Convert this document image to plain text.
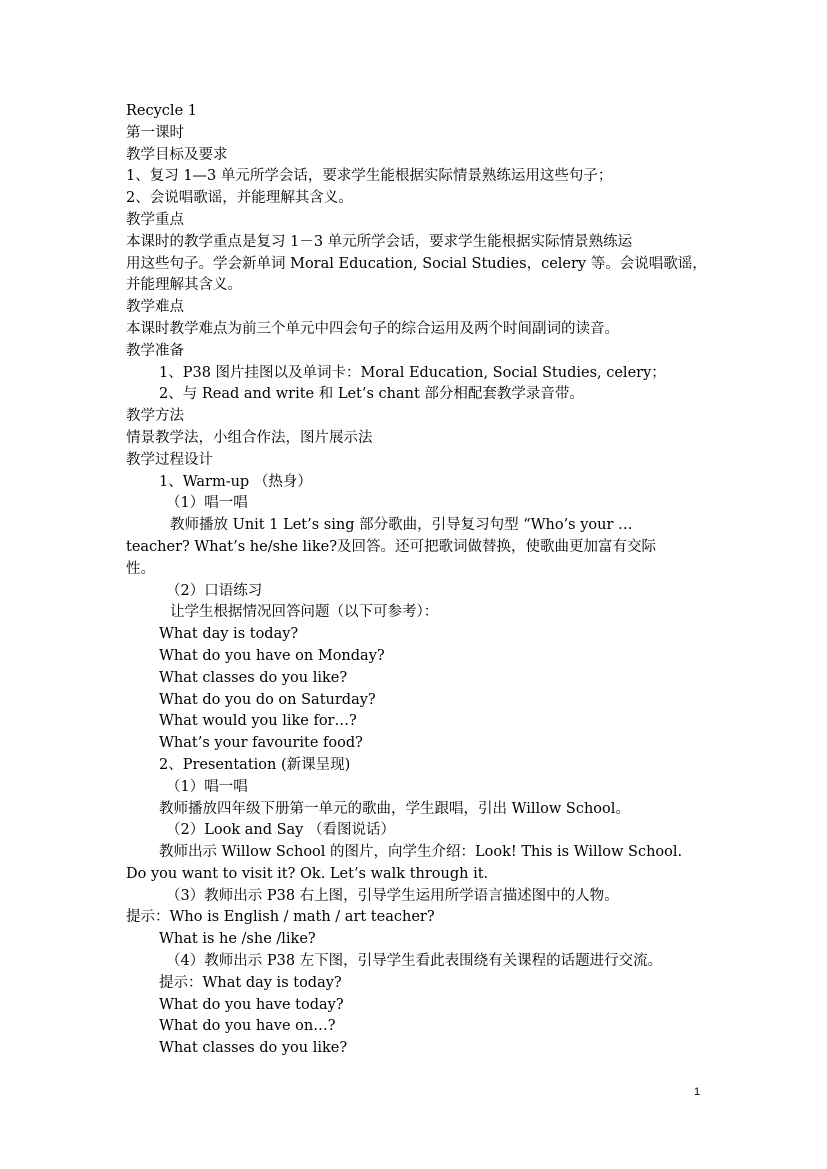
Recycle 1
第一课时
教学目标及要求
1、复习 1—3 单元所学会话，要求学生能根据实际情景熟练运用这些句子；
2、会说唱歌谣，并能理解其含义。
教学重点
本课时的教学重点是复习 1－3 单元所学会话，要求学生能根据实际情景熟练运
用这些句子。学会新单词 Moral Education, Social Studies，celery 等。会说唱歌谣，
并能理解其含义。
教学难点
本课时教学难点为前三个单元中四会句子的综合运用及两个时间副词的读音。
教学准备
1、P38 图片挂图以及单词卡：Moral Education, Social Studies, celery；
2、与 Read and write 和 Let’s chant 部分相配套教学录音带。
教学方法
情景教学法，小组合作法，图片展示法
教学过程设计
1、Warm-up （热身）
（1）唱一唱
教师播放 Unit 1 Let’s sing 部分歌曲，引导复习句型 “Who’s your …
teacher? What’s he/she like?及回答。还可把歌词做替换，使歌曲更加富有交际
性。
（2）口语练习
让学生根据情况回答问题（以下可参考）：
What day is today?
What do you have on Monday?
What classes do you like?
What do you do on Saturday?
What would you like for…?
What’s your favourite food?
2、Presentation (新课呈现)
（1）唱一唱
教师播放四年级下册第一单元的歌曲，学生跟唱，引出 Willow School。
（2）Look and Say （看图说话）
教师出示 Willow School 的图片，向学生介绍：Look! This is Willow School.
Do you want to visit it? Ok. Let’s walk through it.
（3）教师出示 P38 右上图，引导学生运用所学语言描述图中的人物。
提示：Who is English / math / art teacher?
What is he /she /like?
（4）教师出示 P38 左下图，引导学生看此表围绕有关课程的话题进行交流。
提示：What day is today?
What do you have today?
What do you have on…?
What classes do you like?
1
